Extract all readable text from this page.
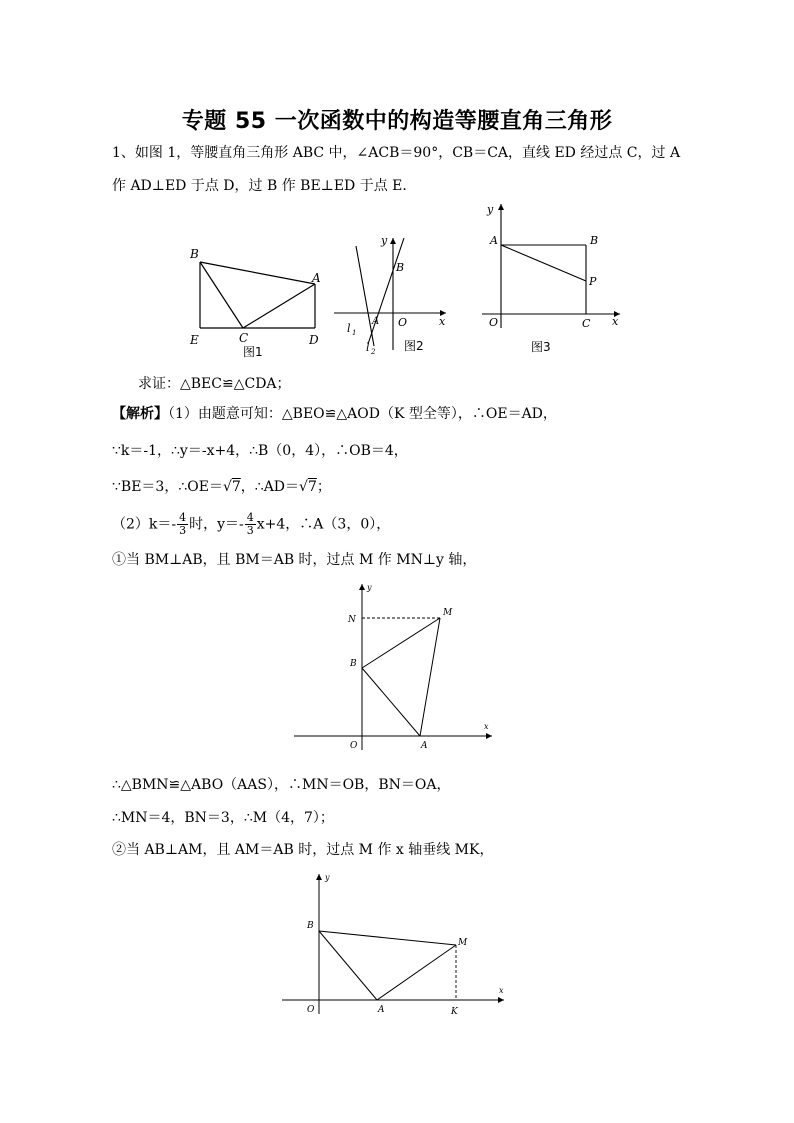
专题 55 一次函数中的构造等腰直角三角形
1、如图 1，等腰直角三角形 ABC 中，∠ACB＝90°，CB＝CA，直线 ED 经过点 C，过 A
作 AD⊥ED 于点 D，过 B 作 BE⊥ED 于点 E．
B
A
E	C	D
图1
y
B
x
O
A
l 1
l 2 图2
y
A	B
P
O	C x
图3
求证：△BEC≌△CDA；
【解析】（1）由题意可知：△BEO≌△AOD（K 型全等），∴OE＝AD，
∵k＝-1，∴y＝-x+4，∴B（0，4），∴OB＝4，
∵BE＝3，∴OE＝√7，∴AD＝√7；
$(2)k=- \frac{4}{3}$ 时，$y=- \frac{4}{3} x+4$，∴A（3，0），
①当 BM⊥AB，且 BM＝AB 时，过点 M 作 MN⊥y 轴，
y
N
M
B
x
O	A
∴△BMN≌△ABO（AAS），∴MN＝OB，BN＝OA，
∴MN＝4，BN＝3，∴M（4，7）；
②当 AB⊥AM，且 AM＝AB 时，过点 M 作 x 轴垂线 MK，
y
B
M
x
O	A	K
